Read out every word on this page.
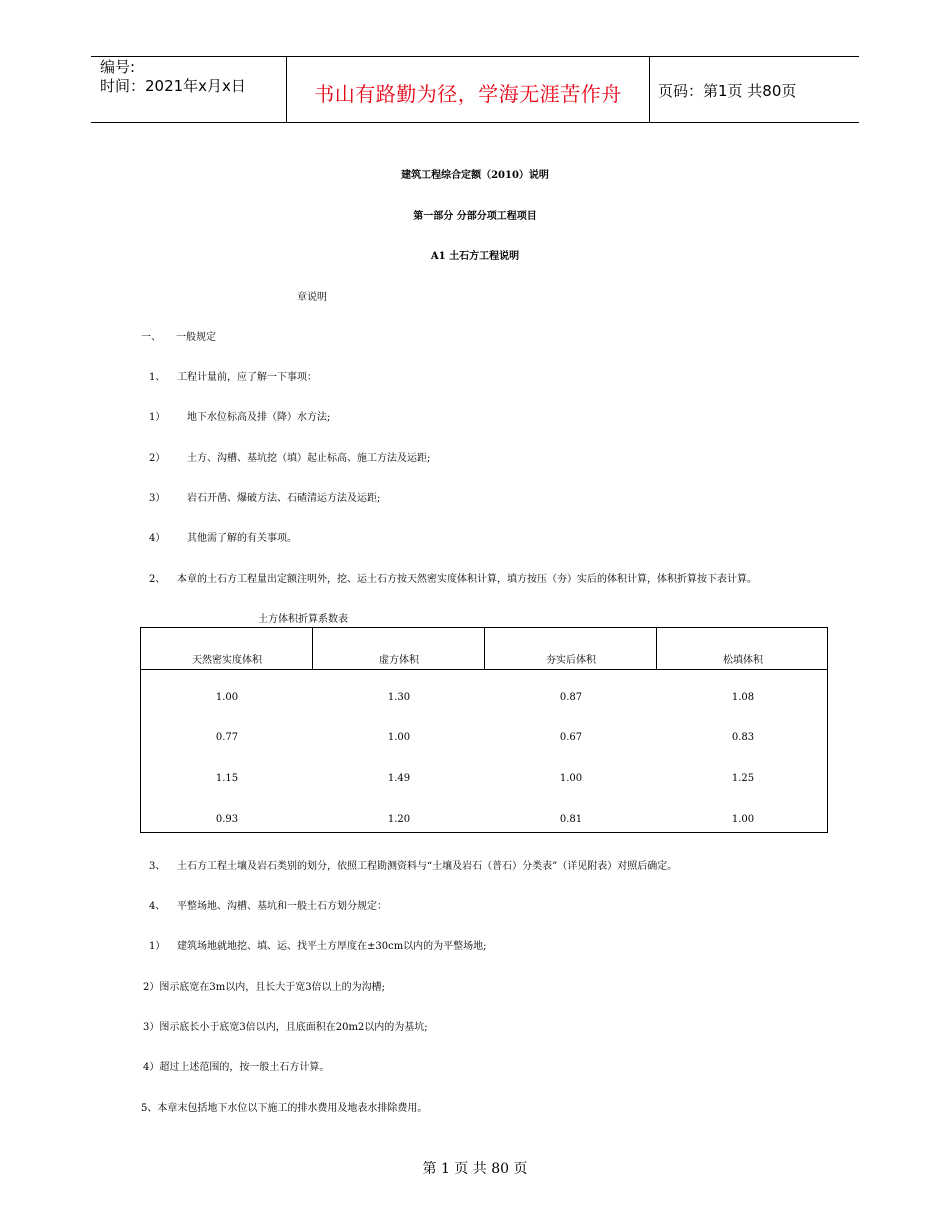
编号:
时间：2021年x月x日	书山有路勤为径，学海无涯苦作舟	页码：第1页 共80页
建筑工程综合定额（2010）说明
第一部分 分部分项工程项目
A1 土石方工程说明
章说明
一、 一般规定
1、 工程计量前，应了解一下事项：
1） 地下水位标高及排（降）水方法;
2） 土方、沟槽、基坑挖（填）起止标高、施工方法及运距;
3） 岩石开凿、爆破方法、石碴清运方法及运距;
4） 其他需了解的有关事项。
2、 本章的土石方工程量出定额注明外，挖、运土石方按天然密实度体积计算，填方按压（夯）实后的体积计算，体积折算按下表计算。
土方体积折算系数表
天然密实度体积	虚方体积	夯实后体积	松填体积
1.00	1.30	0.87	1.08
0.77	1.00	0.67	0.83
1.15	1.49	1.00	1.25
0.93	1.20	0.81	1.00
3、 土石方工程土壤及岩石类别的划分，依照工程勘测资料与“土壤及岩石（普石）分类表”（详见附表）对照后确定。
4、 平整场地、沟槽、基坑和一般土石方划分规定：
1） 建筑场地就地挖、填、运、找平土方厚度在±30cm以内的为平整场地;
2）图示底宽在3m以内，且长大于宽3倍以上的为沟槽;
3）图示底长小于底宽3倍以内，且底面积在20m2以内的为基坑;
4）超过上述范围的，按一般土石方计算。
5、本章末包括地下水位以下施工的排水费用及地表水排除费用。
第 1 页 共 80 页
